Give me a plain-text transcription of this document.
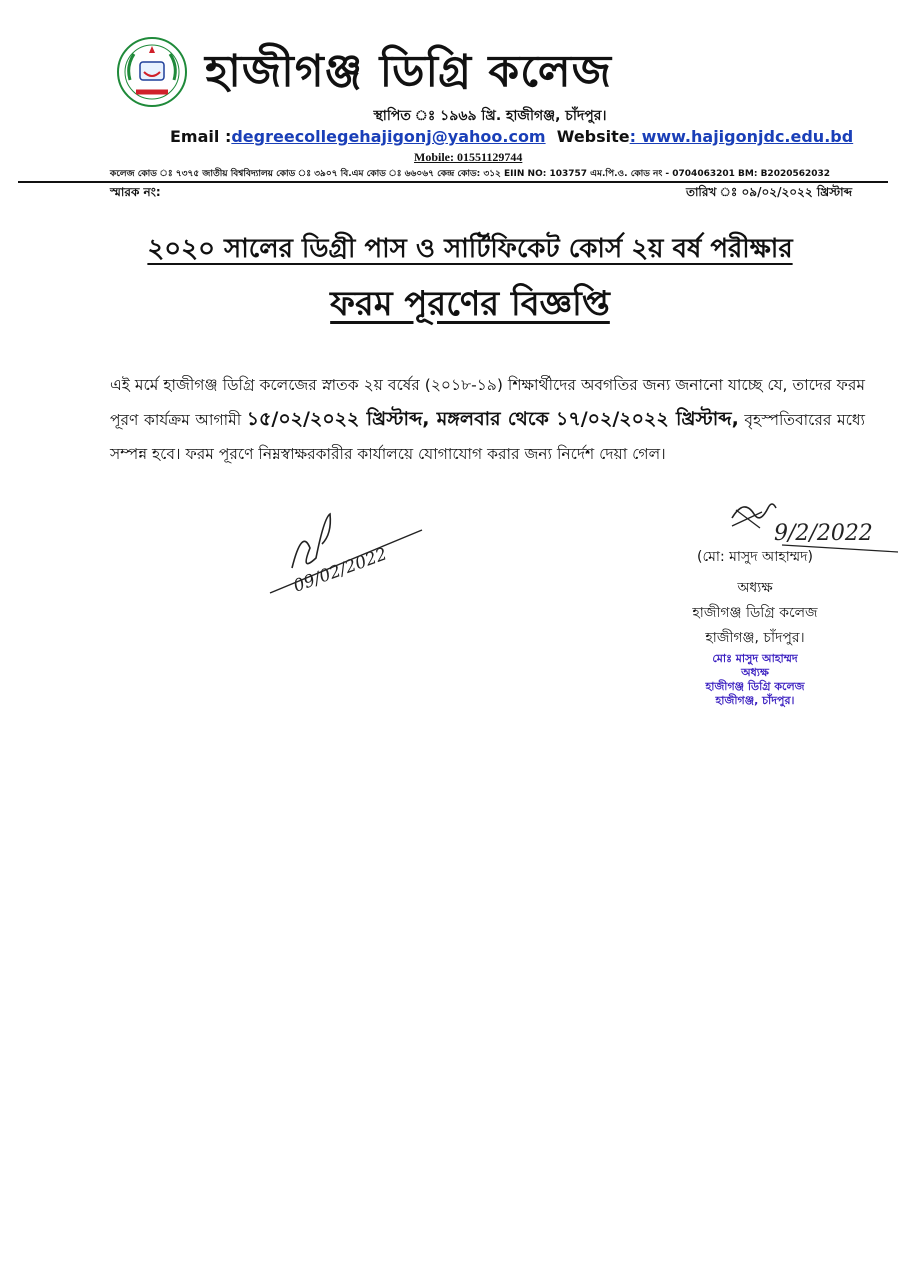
হাজীগঞ্জ ডিগ্রি কলেজ
স্থাপিত ঃ ১৯৬৯ খ্রি. হাজীগঞ্জ, চাঁদপুর।
Email :degreecollegehajigonj@yahoo.com Website: www.hajigonjdc.edu.bd
Mobile: 01551129744
কলেজ কোড ঃ ৭৩৭৫ জাতীয় বিশ্ববিদ্যালয় কোড ঃ ৩৯০৭ বি.এম কোড ঃ ৬৬০৬৭ কেন্দ্র কোড: ৩১২ EIIN NO: 103757 এম.পি.ও. কোড নং - 0704063201 BM: B2020562032
স্মারক নং:	তারিখ ঃ ০৯/০২/২০২২ খ্রিস্টাব্দ
২০২০ সালের ডিগ্রী পাস ও সার্টিফিকেট কোর্স ২য় বর্ষ পরীক্ষার
ফরম পূরণের বিজ্ঞপ্তি
এই মর্মে হাজীগঞ্জ ডিগ্রি কলেজের স্নাতক ২য় বর্ষের (২০১৮-১৯) শিক্ষার্থীদের অবগতির জন্য জনানো যাচ্ছে যে, তাদের ফরম পূরণ কার্যক্রম আগামী ১৫/০২/২০২২ খ্রিস্টাব্দ, মঙ্গলবার থেকে ১৭/০২/২০২২ খ্রিস্টাব্দ, বৃহস্পতিবারের মধ্যে সম্পন্ন হবে। ফরম পূরণে নিম্নস্বাক্ষরকারীর কার্যালয়ে যোগাযোগ করার জন্য নির্দেশ দেয়া গেল।
09/02/2022
9/2/2022
(মো: মাসুদ আহাম্মদ)
অধ্যক্ষ
হাজীগঞ্জ ডিগ্রি কলেজ
হাজীগঞ্জ, চাঁদপুর।
মোঃ মাসুদ আহাম্মদ
অধ্যক্ষ
হাজীগঞ্জ ডিগ্রি কলেজ
হাজীগঞ্জ, চাঁদপুর।
